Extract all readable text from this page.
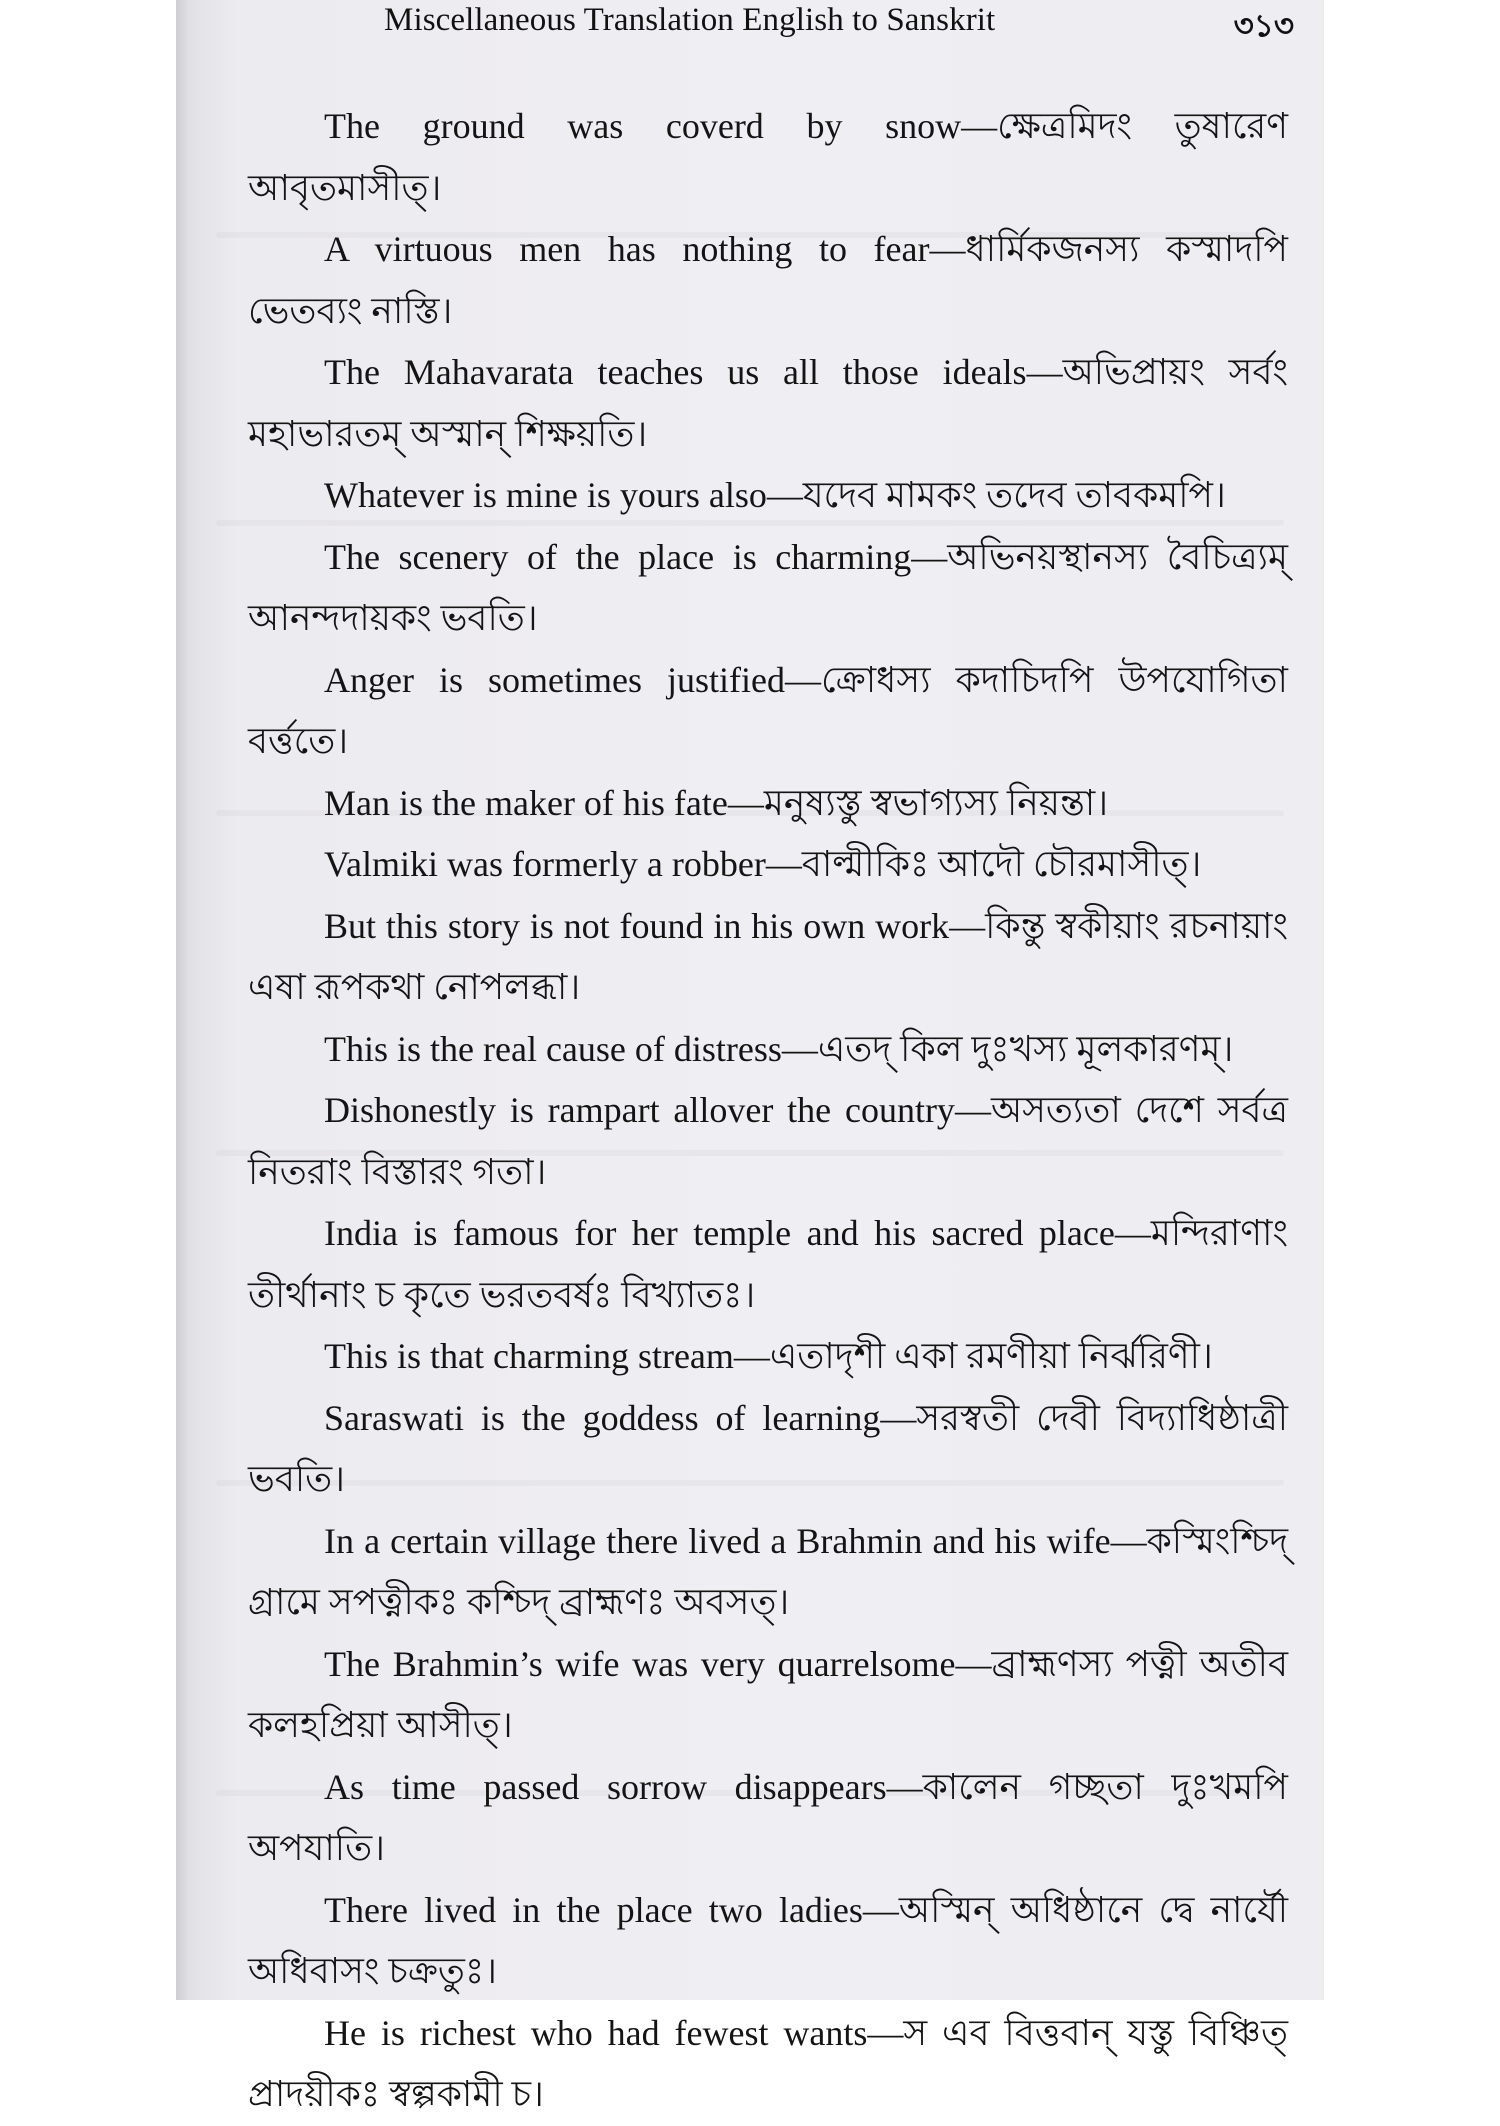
Miscellaneous Translation English to Sanskrit	৩১৩

The ground was coverd by snow — ক্ষেত্রমিদং তুষারেণ আবৃতমাসীত্।

A virtuous men has nothing to fear — ধার্মিকজনস্য কস্মাদপি ভেতব্যং নাস্তি।

The Mahavarata teaches us all those ideals — অভিপ্রায়ং সর্বং মহাভারতম্ অস্মান্ শিক্ষয়তি।

Whatever is mine is yours also — যদেব মামকং তদেব তাবকমপি।

The scenery of the place is charming — অভিনয়স্থানস্য বৈচিত্র্যম্ আনন্দদায়কং ভবতি।

Anger is sometimes justified — ক্রোধস্য কদাচিদপি উপযোগিতা বর্ত্ততে।

Man is the maker of his fate — মনুষ্যস্তু স্বভাগ্যস্য নিয়ন্তা।

Valmiki was formerly a robber — বাল্মীকিঃ আদৌ চৌরমাসীত্।

But this story is not found in his own work — কিন্তু স্বকীয়াং রচনায়াং এষা রূপকথা নোপলব্ধা।

This is the real cause of distress — এতদ্ কিল দুঃখস্য মূলকারণম্।

Dishonestly is rampart allover the country — অসত্যতা দেশে সর্বত্র নিতরাং বিস্তারং গতা।

India is famous for her temple and his sacred place — মন্দিরাণাং তীর্থানাং চ কৃতে ভরতবর্ষঃ বিখ্যাতঃ।

This is that charming stream — এতাদৃশী একা রমণীয়া নির্ঝরিণী।

Saraswati is the goddess of learning — সরস্বতী দেবী বিদ্যাধিষ্ঠাত্রী ভবতি।

In a certain village there lived a Brahmin and his wife— কস্মিংশ্চিদ্ গ্রামে সপত্নীকঃ কশ্চিদ্ ব্রাহ্মণঃ অবসত্।

The Brahmin’s wife was very quarrelsome — ব্রাহ্মণস্য পত্নী অতীব কলহপ্রিয়া আসীত্।

As time passed sorrow disappears — কালেন গচ্ছতা দুঃখমপি অপযাতি।

There lived in the place two ladies — অস্মিন্ অধিষ্ঠানে দ্বে নার্যৌ অধিবাসং চক্রতুঃ।

He is richest who had fewest wants — স এব বিত্তবান্ যস্তু বিঞ্চিত্ প্রাদয়ীকঃ স্বল্পকামী চ।
